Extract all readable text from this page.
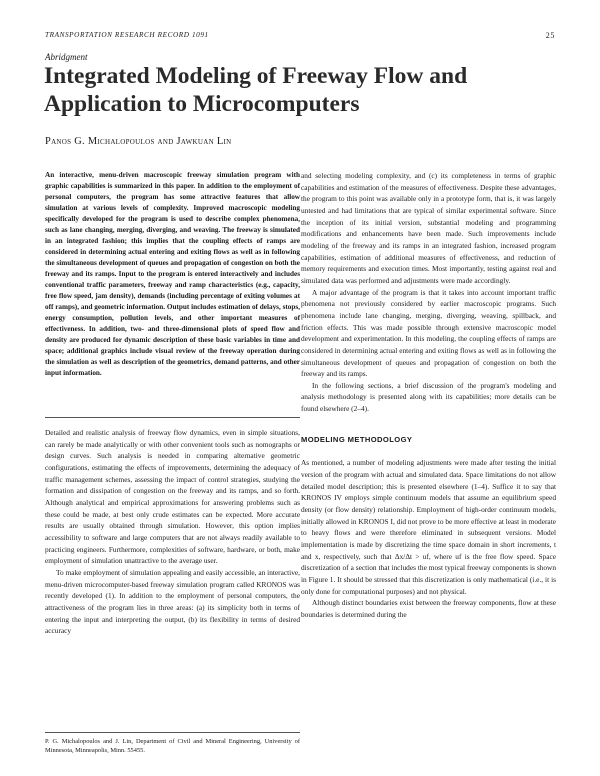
TRANSPORTATION RESEARCH RECORD 1091	25
Abridgment
Integrated Modeling of Freeway Flow and Application to Microcomputers
Panos G. Michalopoulos and Jawkuan Lin

An interactive, menu-driven macroscopic freeway simulation program with graphic capabilities is summarized in this paper. In addition to the employment of personal computers, the program has some attractive features that allow simulation at various levels of complexity. Improved macroscopic modeling specifically developed for the program is used to describe complex phenomena, such as lane changing, merging, diverging, and weaving. The freeway is simulated in an integrated fashion; this implies that the coupling effects of ramps are considered in determining actual entering and exiting flows as well as in following the simultaneous development of queues and propagation of congestion on both the freeway and its ramps. Input to the program is entered interactively and includes conventional traffic parameters, freeway and ramp characteristics (e.g., capacity, free flow speed, jam density), demands (including percentage of exiting volumes at off ramps), and geometric information. Output includes estimation of delays, stops, energy consumption, pollution levels, and other important measures of effectiveness. In addition, two- and three-dimensional plots of speed flow and density are produced for dynamic description of these basic variables in time and space; additional graphics include visual review of the freeway operation during the simulation as well as description of the geometrics, demand patterns, and other input information.

Detailed and realistic analysis of freeway flow dynamics, even in simple situations, can rarely be made analytically or with other convenient tools such as nomographs or design curves. Such analysis is needed in comparing alternative geometric configurations, estimating the effects of improvements, determining the adequacy of traffic management schemes, assessing the impact of control strategies, studying the formation and dissipation of congestion on the freeway and its ramps, and so forth. Although analytical and empirical approximations for answering problems such as these could be made, at best only crude estimates can be expected. More accurate results are usually obtained through simulation. However, this option implies accessibility to software and large computers that are not always readily available to practicing engineers. Furthermore, complexities of software, hardware, or both, make employment of simulation unattractive to the average user.

To make employment of simulation appealing and easily accessible, an interactive, menu-driven microcomputer-based freeway simulation program called KRONOS was recently developed (1). In addition to the employment of personal computers, the attractiveness of the program lies in three areas: (a) its simplicity both in terms of entering the input and interpreting the output, (b) its flexibility in terms of desired accuracy

and selecting modeling complexity, and (c) its completeness in terms of graphic capabilities and estimation of the measures of effectiveness. Despite these advantages, the program to this point was available only in a prototype form, that is, it was largely untested and had limitations that are typical of similar experimental software. Since the inception of its initial version, substantial modeling and programming modifications and enhancements have been made. Such improvements include modeling of the freeway and its ramps in an integrated fashion, increased program capabilities, estimation of additional measures of effectiveness, and reduction of memory requirements and execution times. Most importantly, testing against real and simulated data was performed and adjustments were made accordingly.

A major advantage of the program is that it takes into account important traffic phenomena not previously considered by earlier macroscopic programs. Such phenomena include lane changing, merging, diverging, weaving, spillback, and friction effects. This was made possible through extensive macroscopic model development and experimentation. In this modeling, the coupling effects of ramps are considered in determining actual entering and exiting flows as well as in following the simultaneous development of queues and propagation of congestion on both the freeway and its ramps.

In the following sections, a brief discussion of the program's modeling and analysis methodology is presented along with its capabilities; more details can be found elsewhere (2–4).

MODELING METHODOLOGY

As mentioned, a number of modeling adjustments were made after testing the initial version of the program with actual and simulated data. Space limitations do not allow detailed model description; this is presented elsewhere (1–4). Suffice it to say that KRONOS IV employs simple continuum models that assume an equilibrium speed density (or flow density) relationship. Employment of high-order continuum models, initially allowed in KRONOS I, did not prove to be more effective at least in moderate to heavy flows and were therefore eliminated in subsequent versions. Model implementation is made by discretizing the time space domain in short increments, t and x, respectively, such that Δx/Δt > uf, where uf is the free flow speed. Space discretization of a section that includes the most typical freeway components is shown in Figure 1. It should be stressed that this discretization is only mathematical (i.e., it is only done for computational purposes) and not physical.

Although distinct boundaries exist between the freeway components, flow at these boundaries is determined during the

P. G. Michalopoulos and J. Lin, Department of Civil and Mineral Engineering, University of Minnesota, Minneapolis, Minn. 55455.
